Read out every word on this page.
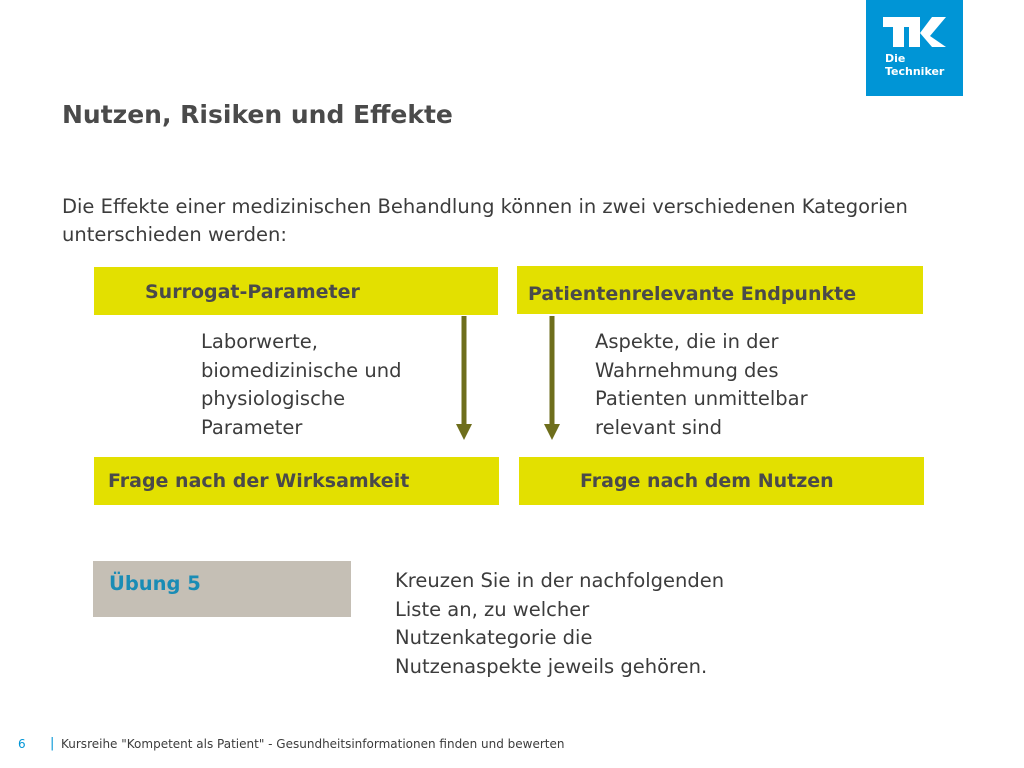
Die
Techniker
Nutzen, Risiken und Effekte
Die Effekte einer medizinischen Behandlung können in zwei verschiedenen Kategorien unterschieden werden:
Surrogat-Parameter	Patientenrelevante Endpunkte
Laborwerte, biomedizinische und physiologische Parameter
Aspekte, die in der Wahrnehmung des Patienten unmittelbar relevant sind
Frage nach der Wirksamkeit	Frage nach dem Nutzen
Übung 5	Kreuzen Sie in der nachfolgenden Liste an, zu welcher Nutzenkategorie die Nutzenaspekte jeweils gehören.
6 | Kursreihe "Kompetent als Patient" - Gesundheitsinformationen finden und bewerten
